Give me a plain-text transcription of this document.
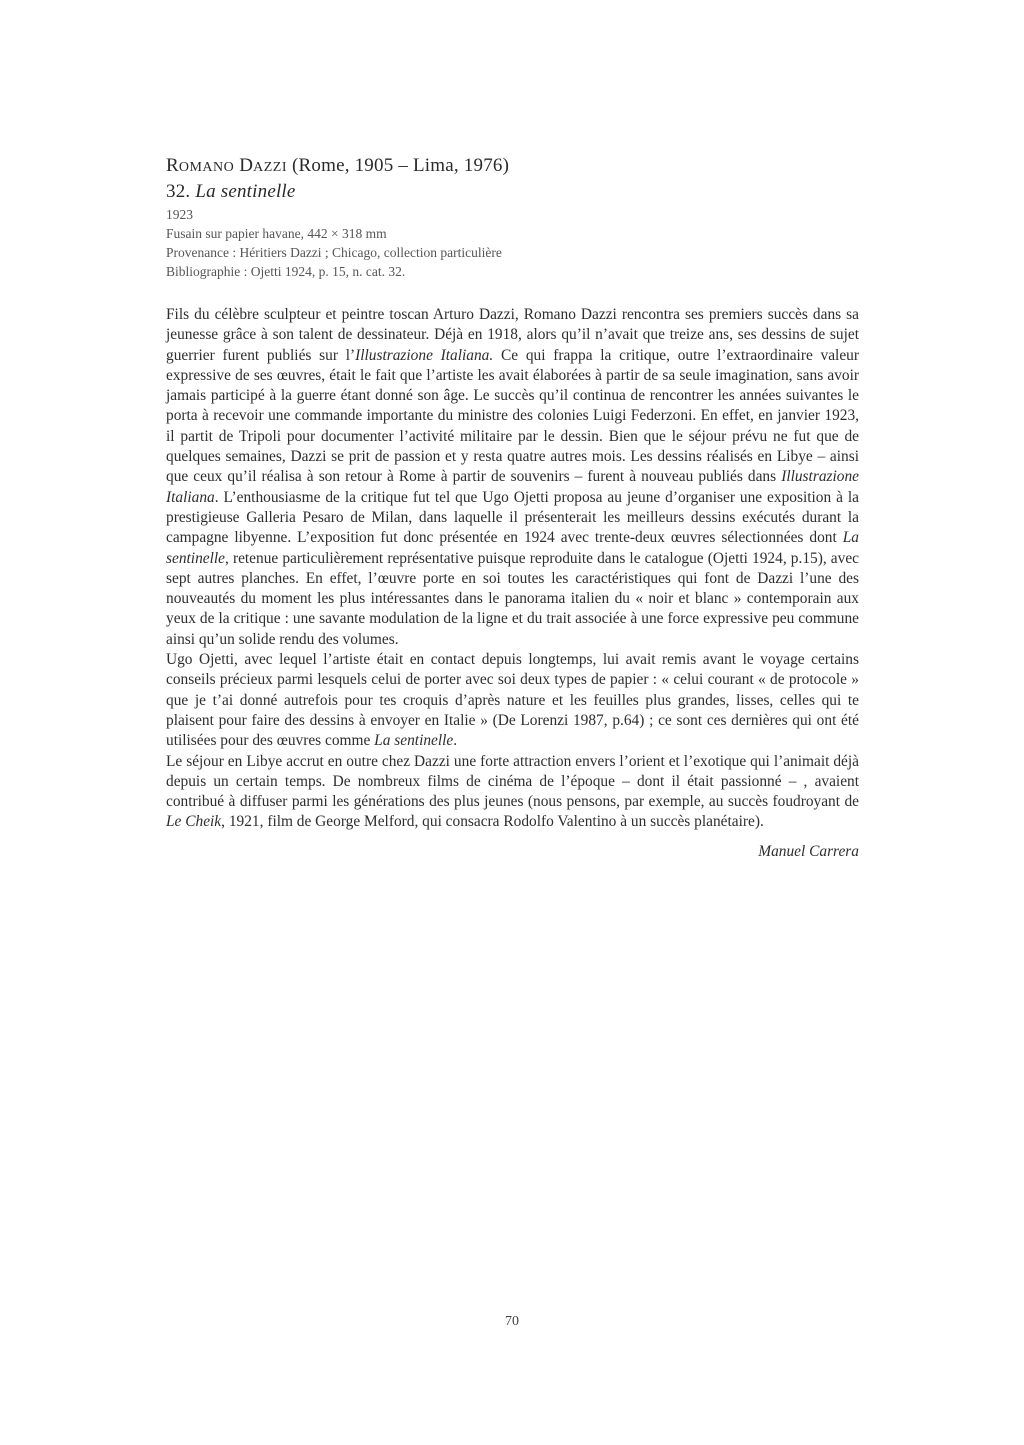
ROMANO DAZZI (Rome, 1905 – Lima, 1976)
32. La sentinelle
1923
Fusain sur papier havane, 442 × 318 mm
Provenance : Héritiers Dazzi ; Chicago, collection particulière
Bibliographie : Ojetti 1924, p. 15, n. cat. 32.

Fils du célèbre sculpteur et peintre toscan Arturo Dazzi, Romano Dazzi rencontra ses premiers succès dans sa jeunesse grâce à son talent de dessinateur. Déjà en 1918, alors qu’il n’avait que treize ans, ses dessins de sujet guerrier furent publiés sur l’Illustrazione Italiana. Ce qui frappa la critique, outre l’extraordinaire valeur expressive de ses œuvres, était le fait que l’artiste les avait élaborées à partir de sa seule imagination, sans avoir jamais participé à la guerre étant donné son âge. Le succès qu’il continua de rencontrer les années suivantes le porta à recevoir une commande importante du ministre des colonies Luigi Federzoni. En effet, en janvier 1923, il partit de Tripoli pour documenter l’activité militaire par le dessin. Bien que le séjour prévu ne fut que de quelques semaines, Dazzi se prit de passion et y resta quatre autres mois. Les dessins réalisés en Libye – ainsi que ceux qu’il réalisa à son retour à Rome à partir de souvenirs – furent à nouveau publiés dans Illustrazione Italiana. L’enthousiasme de la critique fut tel que Ugo Ojetti proposa au jeune d’organiser une exposition à la prestigieuse Galleria Pesaro de Milan, dans laquelle il présenterait les meilleurs dessins exécutés durant la campagne libyenne. L’exposition fut donc présentée en 1924 avec trente-deux œuvres sélectionnées dont La sentinelle, retenue particulièrement représentative puisque reproduite dans le catalogue (Ojetti 1924, p.15), avec sept autres planches. En effet, l’œuvre porte en soi toutes les caractéristiques qui font de Dazzi l’une des nouveautés du moment les plus intéressantes dans le panorama italien du « noir et blanc » contemporain aux yeux de la critique : une savante modulation de la ligne et du trait associée à une force expressive peu commune ainsi qu’un solide rendu des volumes.

Ugo Ojetti, avec lequel l’artiste était en contact depuis longtemps, lui avait remis avant le voyage certains conseils précieux parmi lesquels celui de porter avec soi deux types de papier : « celui courant « de protocole » que je t’ai donné autrefois pour tes croquis d’après nature et les feuilles plus grandes, lisses, celles qui te plaisent pour faire des dessins à envoyer en Italie » (De Lorenzi 1987, p.64) ; ce sont ces dernières qui ont été utilisées pour des œuvres comme La sentinelle.

Le séjour en Libye accrut en outre chez Dazzi une forte attraction envers l’orient et l’exotique qui l’animait déjà depuis un certain temps. De nombreux films de cinéma de l’époque – dont il était passionné – , avaient contribué à diffuser parmi les générations des plus jeunes (nous pensons, par exemple, au succès foudroyant de Le Cheik, 1921, film de George Melford, qui consacra Rodolfo Valentino à un succès planétaire).

Manuel Carrera
70
